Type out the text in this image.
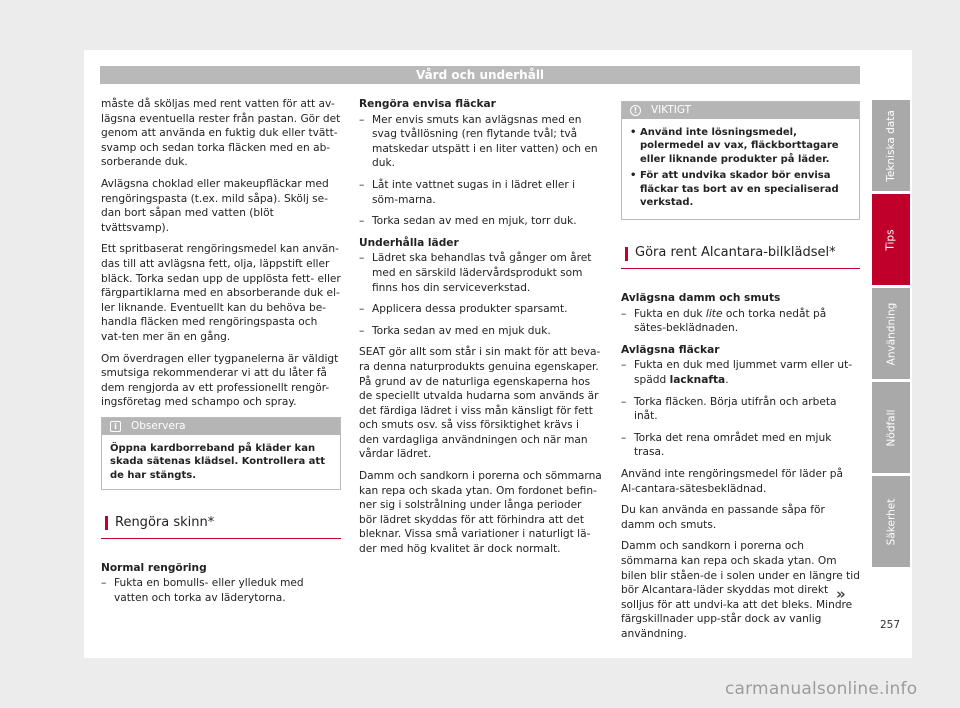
Vård och underhåll

måste då sköljas med rent vatten för att av-lägsna eventuella rester från pastan. Gör det genom att använda en fuktig duk eller tvätt-svamp och sedan torka fläcken med en ab-sorberande duk.

Avlägsna choklad eller makeupfläckar med rengöringspasta (t.ex. mild såpa). Skölj se-dan bort såpan med vatten (blöt tvättsvamp).

Ett spritbaserat rengöringsmedel kan använ-das till att avlägsna fett, olja, läppstift eller bläck. Torka sedan upp de upplösta fett- eller färgpartiklarna med en absorberande duk el-ler liknande. Eventuellt kan du behöva be-handla fläcken med rengöringspasta och vat-ten mer än en gång.

Om överdragen eller tygpanelerna är väldigt smutsiga rekommenderar vi att du låter få dem rengjorda av ett professionellt rengör-ingsföretag med schampo och spray.

i	Observera
Öppna kardborreband på kläder kan skada sätenas klädsel. Kontrollera att de har stängts.
Rengöra skinn*
Normal rengöring
– Fukta en bomulls- eller ylleduk med vatten och torka av läderytorna.
Rengöra envisa fläckar
– Mer envis smuts kan avlägsnas med en svag tvållösning (ren flytande tvål; två matskedar utspätt i en liter vatten) och en duk.
– Låt inte vattnet sugas in i lädret eller i söm-marna.
– Torka sedan av med en mjuk, torr duk.
Underhålla läder
– Lädret ska behandlas två gånger om året med en särskild lädervårdsprodukt som finns hos din serviceverkstad.
– Applicera dessa produkter sparsamt.
– Torka sedan av med en mjuk duk.

SEAT gör allt som står i sin makt för att beva-ra denna naturprodukts genuina egenskaper. På grund av de naturliga egenskaperna hos de speciellt utvalda hudarna som används är det färdiga lädret i viss mån känsligt för fett och smuts osv. så viss försiktighet krävs i den vardagliga användningen och när man vårdar lädret.

Damm och sandkorn i porerna och sömmarna kan repa och skada ytan. Om fordonet befin-ner sig i solstrålning under långa perioder bör lädret skyddas för att förhindra att det bleknar. Vissa små variationer i naturligt lä-der med hög kvalitet är dock normalt.

!	VIKTIGT
• Använd inte lösningsmedel, polermedel av vax, fläckborttagare eller liknande produkter på läder.
• För att undvika skador bör envisa fläckar tas bort av en specialiserad verkstad.
Göra rent Alcantara-bilklädsel*
Avlägsna damm och smuts
– Fukta en duk lite och torka nedåt på sätes-beklädnaden.
Avlägsna fläckar
– Fukta en duk med ljummet varm eller ut-spädd lacknafta.
– Torka fläcken. Börja utifrån och arbeta inåt.
– Torka det rena området med en mjuk trasa.

Använd inte rengöringsmedel för läder på Al-cantara-sätesbeklädnad.

Du kan använda en passande såpa för damm och smuts.

Damm och sandkorn i porerna och sömmarna kan repa och skada ytan. Om bilen blir ståen-de i solen under en längre tid bör Alcantara-läder skyddas mot direkt solljus för att undvi-ka att det bleks. Mindre färgskillnader upp-står dock av vanlig användning.

»
Tekniska data
Tips
Användning
Nödfall
Säkerhet
257
carmanualsonline.info
